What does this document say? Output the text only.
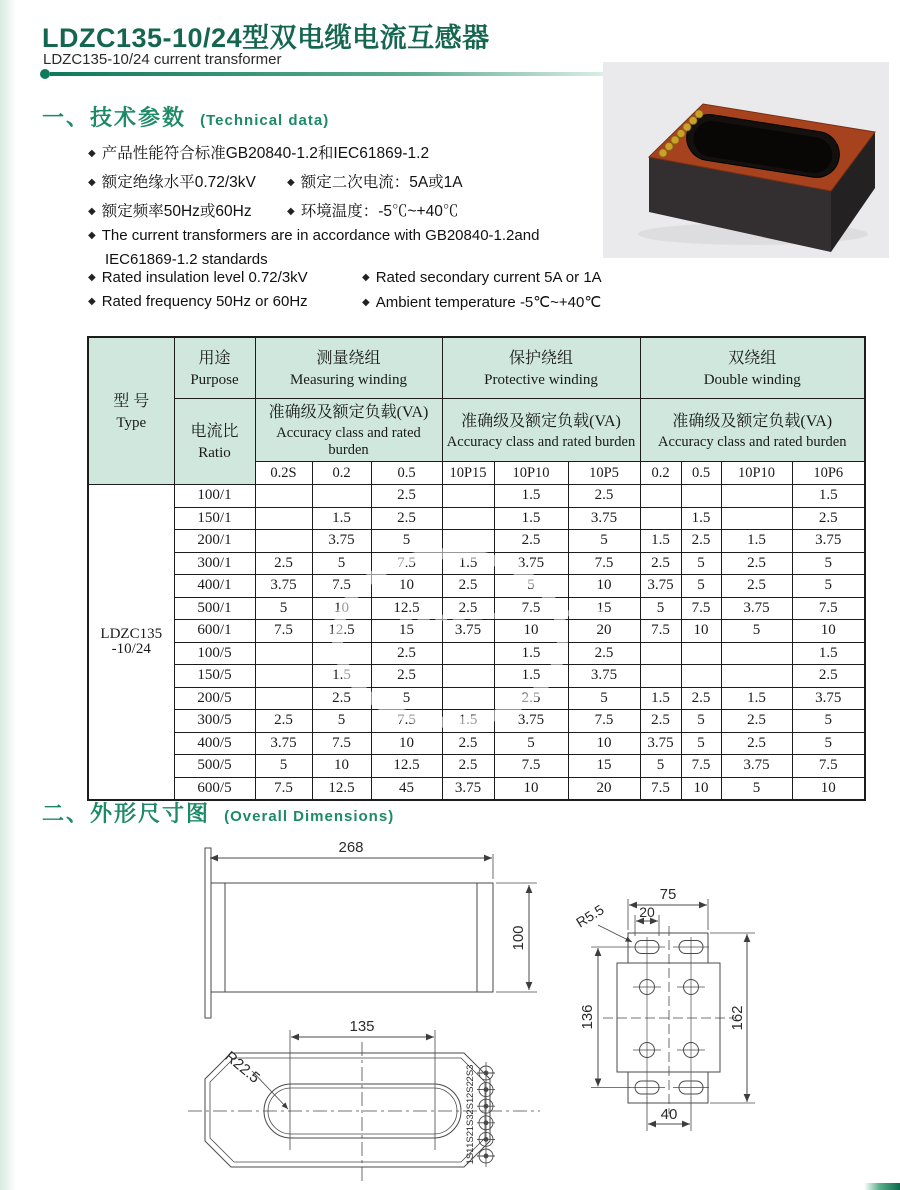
LDZC135-10/24型双电缆电流互感器
LDZC135-10/24 current transformer
一、技术参数 (Technical data)
◆ 产品性能符合标准GB20840-1.2和IEC61869-1.2
◆ 额定绝缘水平0.72/3kV	◆ 额定二次电流：5A或1A
◆ 额定频率50Hz或60Hz	◆ 环境温度：-5℃~+40℃
◆ The current transformers are in accordance with GB20840-1.2and
IEC61869-1.2 standards
◆ Rated insulation level 0.72/3kV	◆ Rated secondary current 5A or 1A
◆ Rated frequency 50Hz or 60Hz	◆ Ambient temperature -5℃~+40℃
型 号
Type	用途
Purpose	测量绕组
Measuring winding			保护绕组
Protective winding			双绕组
Double winding			

	电流比
Ratio	准确级及额定负载(VA)
Accuracy class and rated burden			准确级及额定负载(VA)
Accuracy class and rated burden			准确级及额定负载(VA)
Accuracy class and rated burden			

		0.2S	0.2	0.5	10P15	10P10	10P5	0.2	0.5	10P10	10P6

LDZC135
-10/24	100/1			2.5		1.5	2.5				1.5
	150/1		1.5	2.5		1.5	3.75		1.5		2.5
	200/1		3.75	5		2.5	5	1.5	2.5	1.5	3.75
	300/1	2.5	5	7.5	1.5	3.75	7.5	2.5	5	2.5	5
	400/1	3.75	7.5	10	2.5	5	10	3.75	5	2.5	5
	500/1	5	10	12.5	2.5	7.5	15	5	7.5	3.75	7.5
	600/1	7.5	12.5	15	3.75	10	20	7.5	10	5	10
	100/5			2.5		1.5	2.5				1.5
	150/5		1.5	2.5		1.5	3.75				2.5
	200/5		2.5	5		2.5	5	1.5	2.5	1.5	3.75
	300/5	2.5	5	7.5	1.5	3.75	7.5	2.5	5	2.5	5
	400/5	3.75	7.5	10	2.5	5	10	3.75	5	2.5	5
	500/5	5	10	12.5	2.5	7.5	15	5	7.5	3.75	7.5
	600/5	7.5	12.5	45	3.75	10	20	7.5	10	5	10
二、外形尺寸图 (Overall Dimensions)
268
100
135
R22.5	2S3
2S2
2S1
1S3
1S2
1S1
75
20
R5.5
136	162
40
